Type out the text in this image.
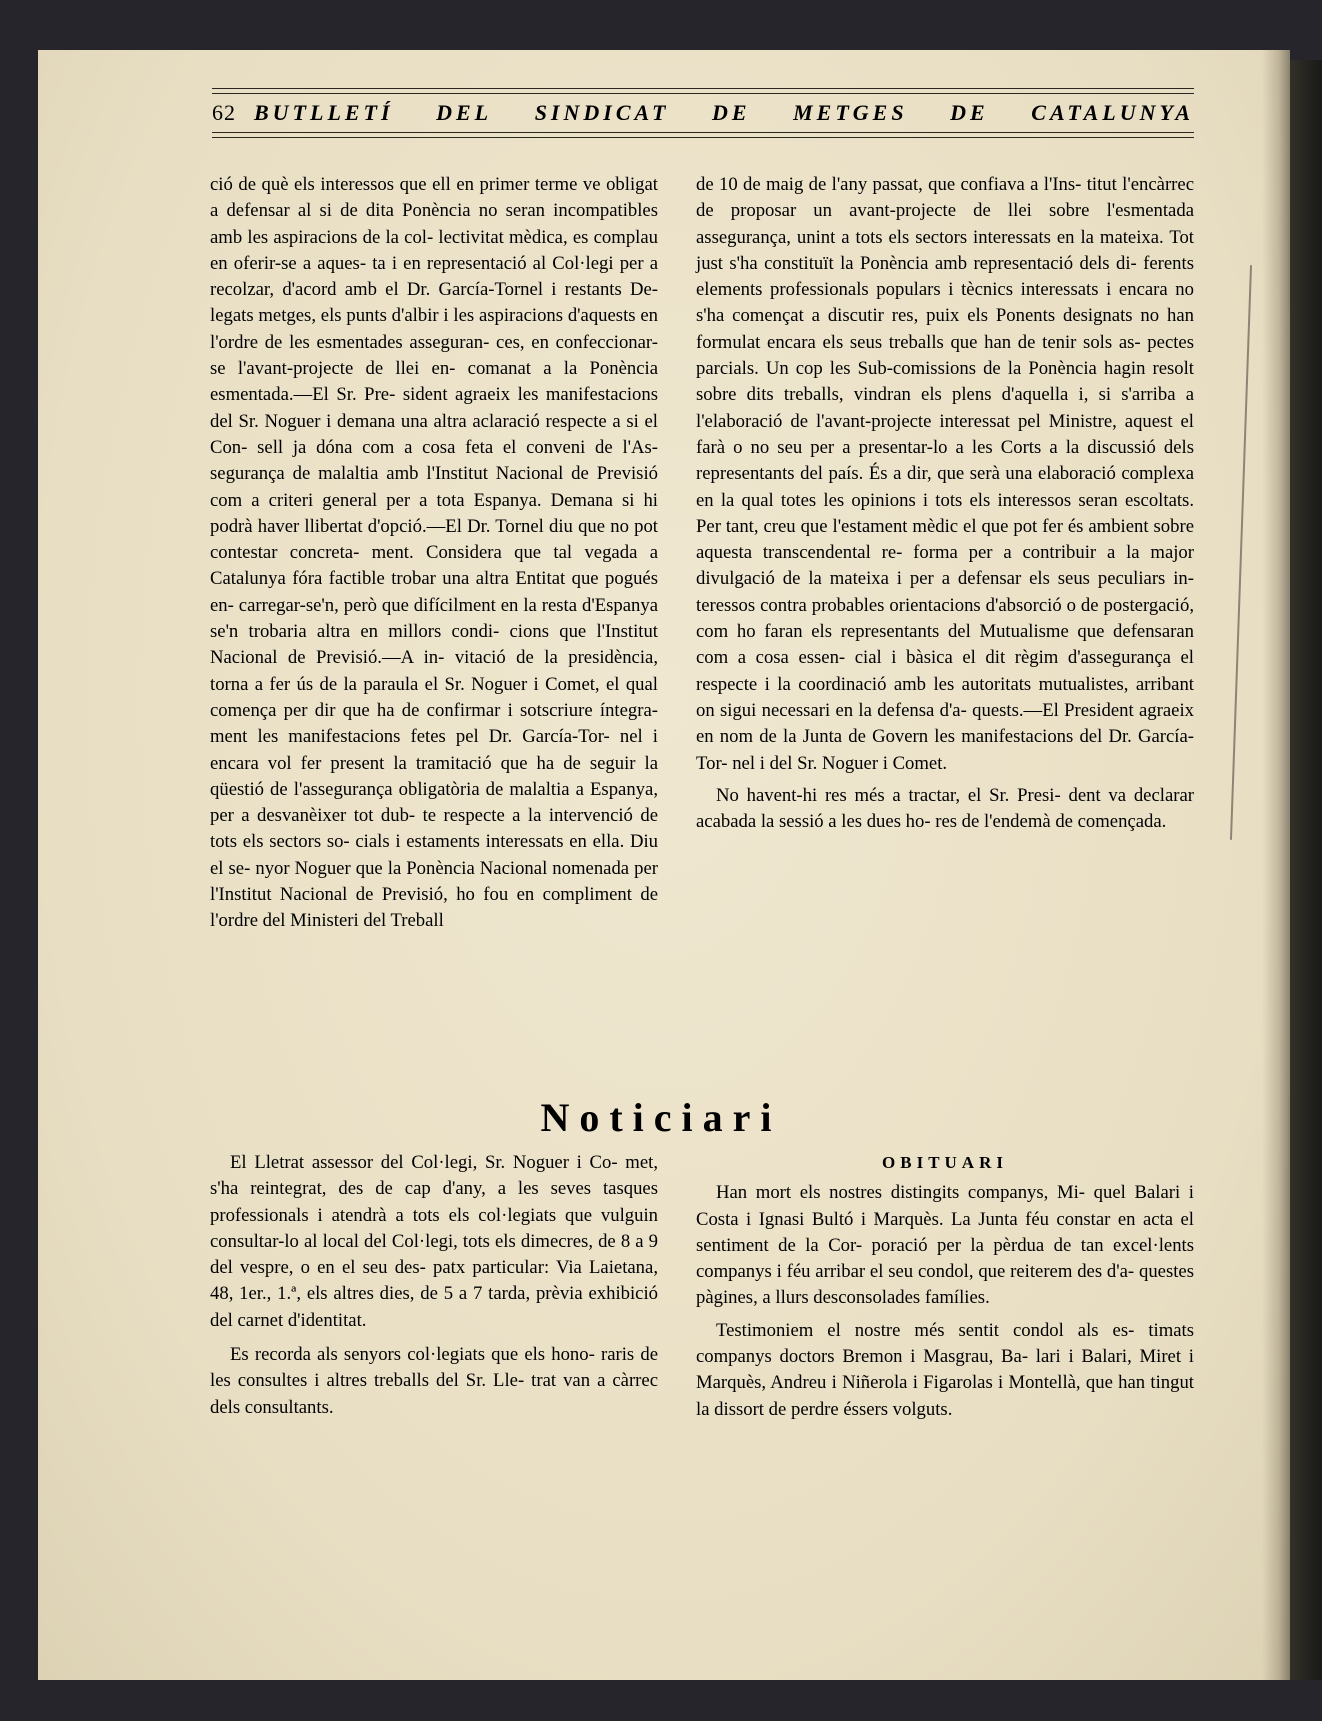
62 BUTLLETÍ DEL SINDICAT DE METGES DE CATALUNYA

ció de què els interessos que ell en primer terme ve obligat a defensar al si de dita Ponència no seran incompatibles amb les aspiracions de la col- lectivitat mèdica, es complau en oferir-se a aques- ta i en representació al Col·legi per a recolzar, d'acord amb el Dr. García-Tornel i restants De- legats metges, els punts d'albir i les aspiracions d'aquests en l'ordre de les esmentades asseguran- ces, en confeccionar-se l'avant-projecte de llei en- comanat a la Ponència esmentada.—El Sr. Pre- sident agraeix les manifestacions del Sr. Noguer i demana una altra aclaració respecte a si el Con- sell ja dóna com a cosa feta el conveni de l'As- segurança de malaltia amb l'Institut Nacional de Previsió com a criteri general per a tota Espanya. Demana si hi podrà haver llibertat d'opció.—El Dr. Tornel diu que no pot contestar concreta- ment. Considera que tal vegada a Catalunya fóra factible trobar una altra Entitat que pogués en- carregar-se'n, però que difícilment en la resta d'Espanya se'n trobaria altra en millors condi- cions que l'Institut Nacional de Previsió.—A in- vitació de la presidència, torna a fer ús de la paraula el Sr. Noguer i Comet, el qual comença per dir que ha de confirmar i sotscriure íntegra- ment les manifestacions fetes pel Dr. García-Tor- nel i encara vol fer present la tramitació que ha de seguir la qüestió de l'assegurança obligatòria de malaltia a Espanya, per a desvanèixer tot dub- te respecte a la intervenció de tots els sectors so- cials i estaments interessats en ella. Diu el se- nyor Noguer que la Ponència Nacional nomenada per l'Institut Nacional de Previsió, ho fou en compliment de l'ordre del Ministeri del Treball

de 10 de maig de l'any passat, que confiava a l'Ins- titut l'encàrrec de proposar un avant-projecte de llei sobre l'esmentada assegurança, unint a tots els sectors interessats en la mateixa. Tot just s'ha constituït la Ponència amb representació dels di- ferents elements professionals populars i tècnics interessats i encara no s'ha començat a discutir res, puix els Ponents designats no han formulat encara els seus treballs que han de tenir sols as- pectes parcials. Un cop les Sub-comissions de la Ponència hagin resolt sobre dits treballs, vindran els plens d'aquella i, si s'arriba a l'elaboració de l'avant-projecte interessat pel Ministre, aquest el farà o no seu per a presentar-lo a les Corts a la discussió dels representants del país. És a dir, que serà una elaboració complexa en la qual totes les opinions i tots els interessos seran escoltats. Per tant, creu que l'estament mèdic el que pot fer és ambient sobre aquesta transcendental re- forma per a contribuir a la major divulgació de la mateixa i per a defensar els seus peculiars in- teressos contra probables orientacions d'absorció o de postergació, com ho faran els representants del Mutualisme que defensaran com a cosa essen- cial i bàsica el dit règim d'assegurança el respecte i la coordinació amb les autoritats mutualistes, arribant on sigui necessari en la defensa d'a- quests.—El President agraeix en nom de la Junta de Govern les manifestacions del Dr. García-Tor- nel i del Sr. Noguer i Comet.

No havent-hi res més a tractar, el Sr. Presi- dent va declarar acabada la sessió a les dues ho- res de l'endemà de començada.

Noticiari

El Lletrat assessor del Col·legi, Sr. Noguer i Co- met, s'ha reintegrat, des de cap d'any, a les seves tasques professionals i atendrà a tots els col·legiats que vulguin consultar-lo al local del Col·legi, tots els dimecres, de 8 a 9 del vespre, o en el seu des- patx particular: Via Laietana, 48, 1er., 1.ª, els altres dies, de 5 a 7 tarda, prèvia exhibició del carnet d'identitat.

Es recorda als senyors col·legiats que els hono- raris de les consultes i altres treballs del Sr. Lle- trat van a càrrec dels consultants.

OBITUARI

Han mort els nostres distingits companys, Mi- quel Balari i Costa i Ignasi Bultó i Marquès. La Junta féu constar en acta el sentiment de la Cor- poració per la pèrdua de tan excel·lents companys i féu arribar el seu condol, que reiterem des d'a- questes pàgines, a llurs desconsolades famílies.

Testimoniem el nostre més sentit condol als es- timats companys doctors Bremon i Masgrau, Ba- lari i Balari, Miret i Marquès, Andreu i Niñerola i Figarolas i Montellà, que han tingut la dissort de perdre éssers volguts.
